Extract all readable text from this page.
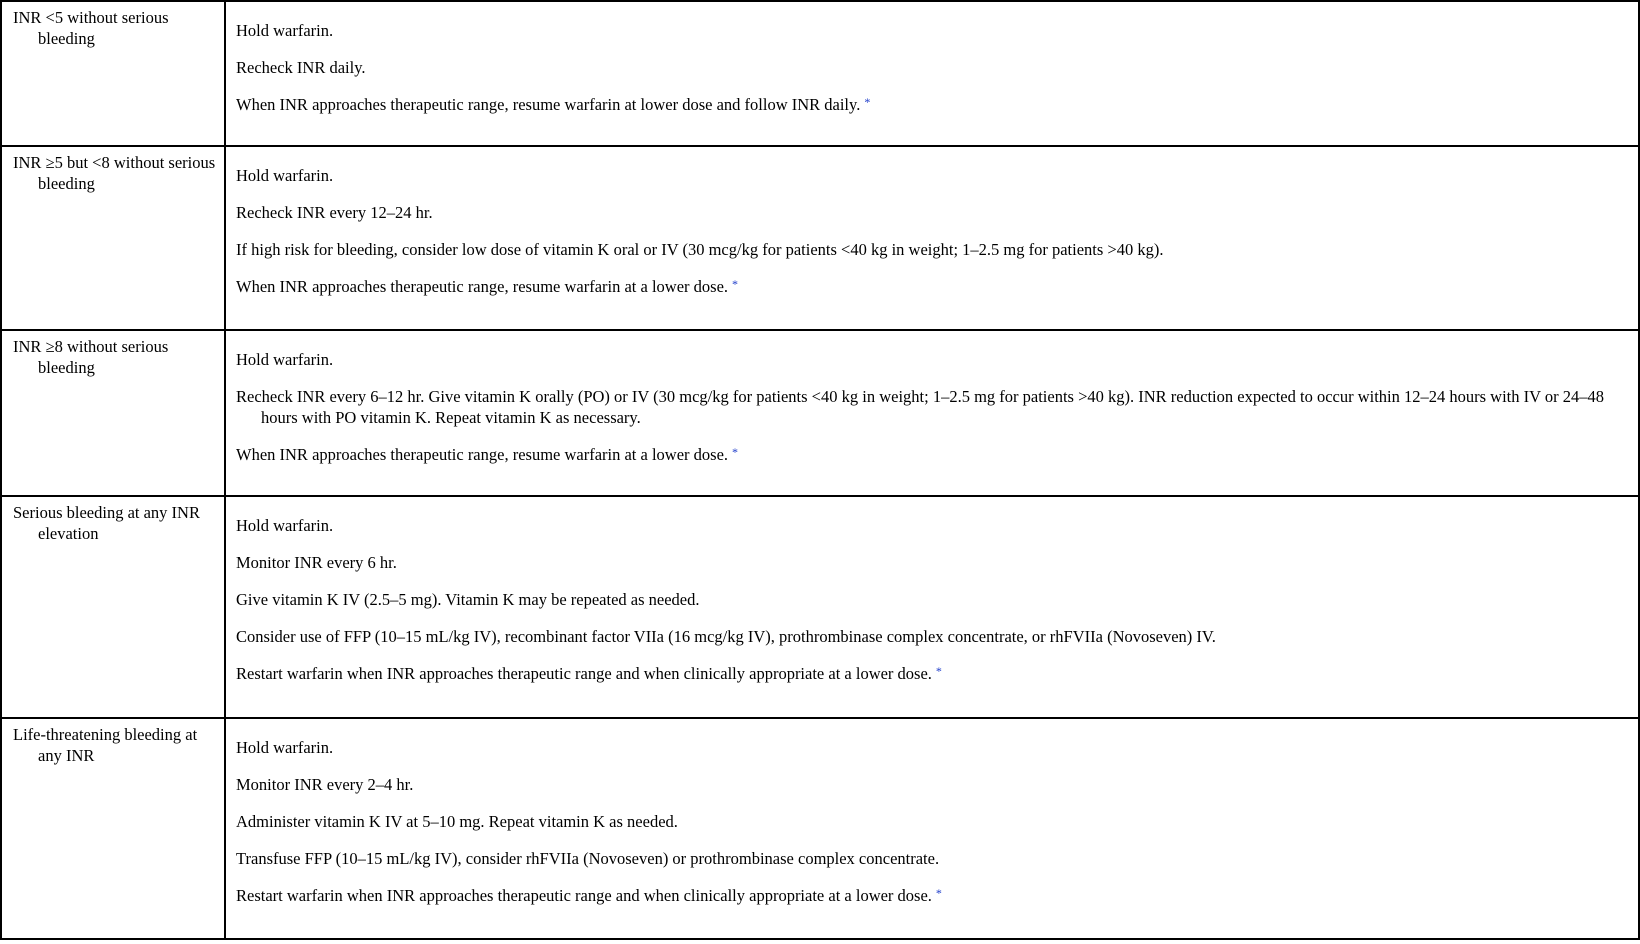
INR <5 without serious bleeding	Hold warfarin.

Recheck INR daily.

When INR approaches therapeutic range, resume warfarin at lower dose and follow INR daily. *

INR ≥5 but <8 without serious bleeding	Hold warfarin.

Recheck INR every 12–24 hr.

If high risk for bleeding, consider low dose of vitamin K oral or IV (30 mcg/kg for patients <40 kg in weight; 1–2.5 mg for patients >40 kg).

When INR approaches therapeutic range, resume warfarin at a lower dose. *

INR ≥8 without serious bleeding	Hold warfarin.

Recheck INR every 6–12 hr. Give vitamin K orally (PO) or IV (30 mcg/kg for patients <40 kg in weight; 1–2.5 mg for patients >40 kg). INR reduction expected to occur within 12–24 hours with IV or 24–48 hours with PO vitamin K. Repeat vitamin K as necessary.

When INR approaches therapeutic range, resume warfarin at a lower dose. *

Serious bleeding at any INR elevation	Hold warfarin.

Monitor INR every 6 hr.

Give vitamin K IV (2.5–5 mg). Vitamin K may be repeated as needed.

Consider use of FFP (10–15 mL/kg IV), recombinant factor VIIa (16 mcg/kg IV), prothrombinase complex concentrate, or rhFVIIa (Novoseven) IV.

Restart warfarin when INR approaches therapeutic range and when clinically appropriate at a lower dose. *

Life-threatening bleeding at any INR	Hold warfarin.

Monitor INR every 2–4 hr.

Administer vitamin K IV at 5–10 mg. Repeat vitamin K as needed.

Transfuse FFP (10–15 mL/kg IV), consider rhFVIIa (Novoseven) or prothrombinase complex concentrate.

Restart warfarin when INR approaches therapeutic range and when clinically appropriate at a lower dose. *
